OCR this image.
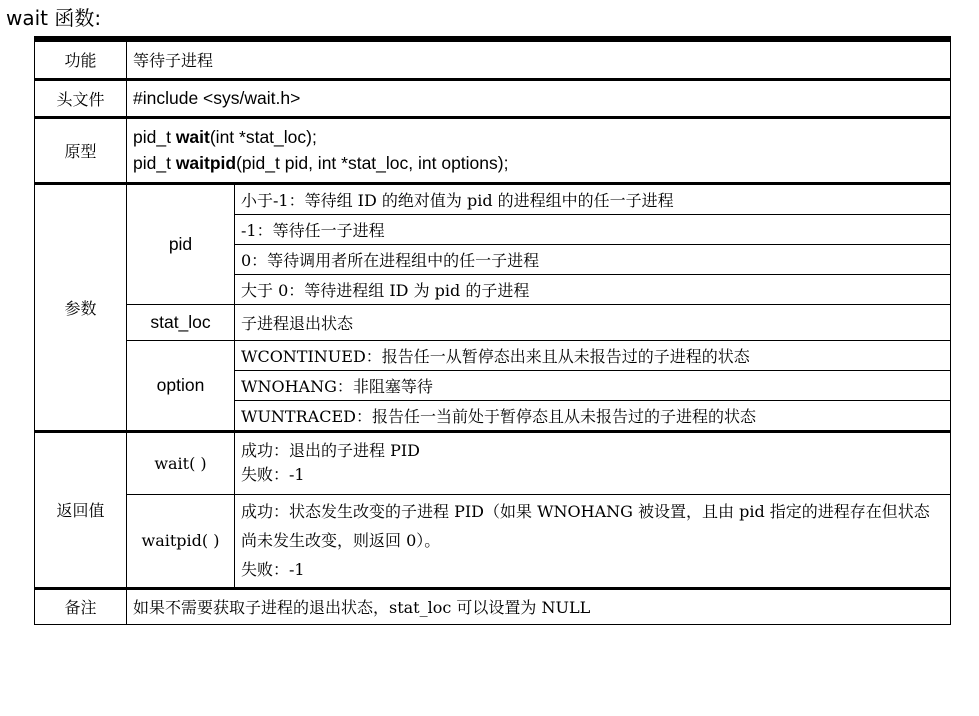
wait 函数:
功能	等待子进程	
头文件	#include <sys/wait.h>	
原型	pid_t wait(int *stat_loc);
pid_t waitpid(pid_t pid, int *stat_loc, int options);	

参数	pid	小于-1：等待组 ID 的绝对值为 pid 的进程组中的任一子进程
		-1：等待任一子进程
		0：等待调用者所在进程组中的任一子进程
		大于 0：等待进程组 ID 为 pid 的子进程
	stat_loc	子进程退出状态
	option	WCONTINUED：报告任一从暂停态出来且从未报告过的子进程的状态
		WNOHANG：非阻塞等待
		WUNTRACED：报告任一当前处于暂停态且从未报告过的子进程的状态
返回值	wait( )	成功：退出的子进程 PID
失败：-1

	waitpid( )	成功：状态发生改变的子进程 PID（如果 WNOHANG 被设置，且由 pid 指定的进程存在但状态尚未发生改变，则返回 0）。
失败：-1

备注	如果不需要获取子进程的退出状态，stat_loc 可以设置为 NULL	
